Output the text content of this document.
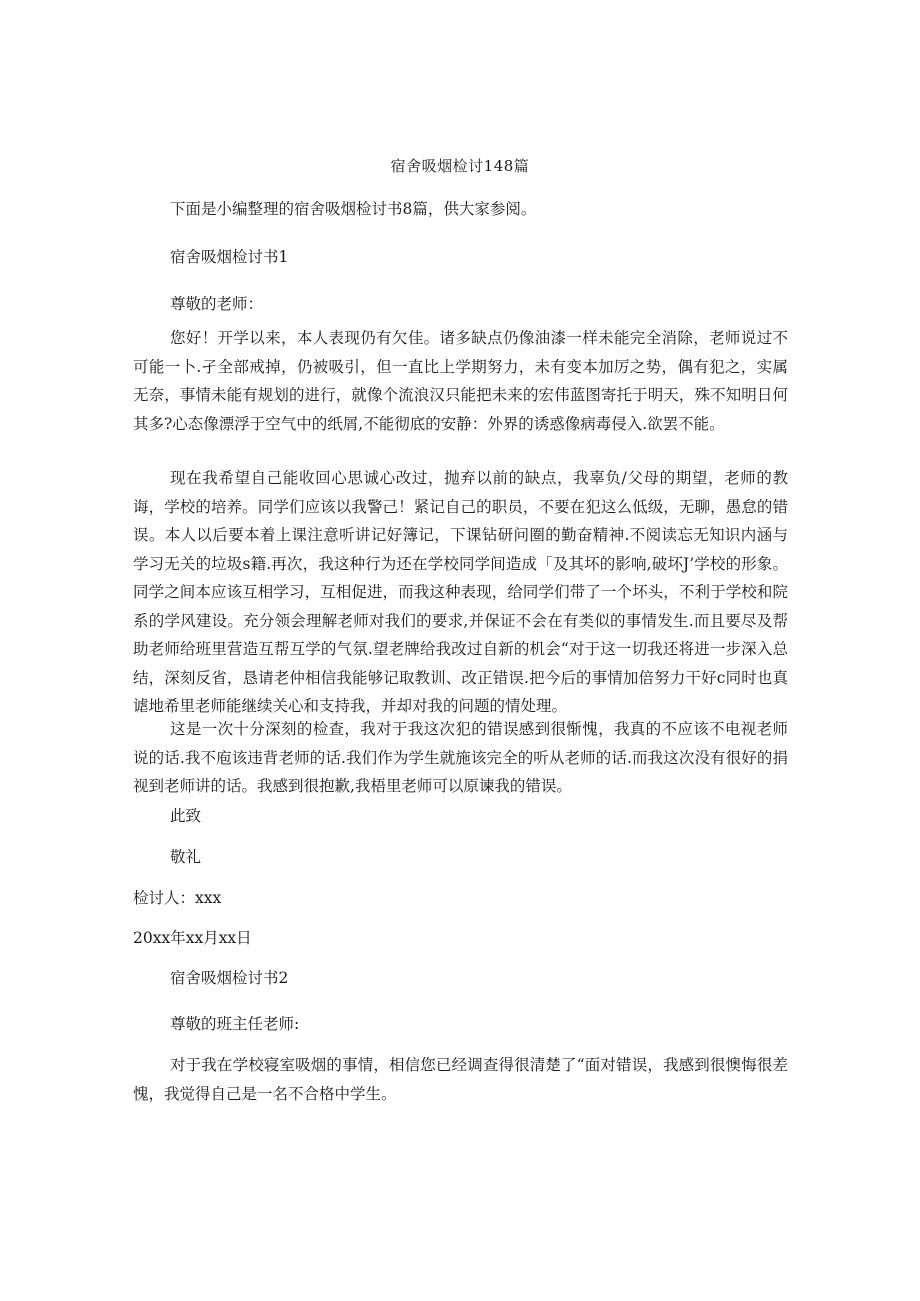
宿舍吸烟检讨148篇
下面是小编整理的宿舍吸烟检讨书8篇，供大家参阅。
宿舍吸烟检讨书1
尊敬的老师：
您好！开学以来，本人表现仍有欠佳。诸多缺点仍像油漆一样未能完全消除，老师说过不可能一卜.孑全部戒掉，仍被吸引，但一直比上学期努力，未有变本加厉之势，偶有犯之，实属无奈，事情未能有规划的进行，就像个流浪汉只能把未来的宏伟蓝图寄托于明天，殊不知明日何其多?心态像漂浮于空气中的纸屑,不能彻底的安静：外界的诱惑像病毒侵入.欲罢不能。
现在我希望自己能收回心思诚心改过，抛弃以前的缺点，我辜负/父母的期望，老师的教诲，学校的培养。同学们应该以我警己！紧记自己的职员，不要在犯这么低级，无聊，愚怠的错误。本人以后要本着上课注意听讲记好簿记，下课钻研问圈的勤奋精神.不阅读忘无知识内涵与学习无关的垃圾s籍.再次，我这种行为还在学校同学间造成「及其坏的影响,破坏J’学校的形象。同学之间本应该互相学习，互相促进，而我这种表现，给同学们带了一个坏头，不利于学校和院系的学风建设。充分领会理解老师对我们的要求,并保证不会在有类似的事情发生.而且要尽及帮助老师给班里营造互帮互学的气氛.望老牌给我改过自新的机会“对于这一切我还将进一步深入总结，深刻反省，恳请老仲相信我能够记取教训、改正错误.把今后的事情加倍努力干好c同时也真谑地希里老师能继续关心和支持我，并却对我的问题的情处理。
这是一次十分深刻的检查，我对于我这次犯的错误感到很惭愧，我真的不应该不电视老师说的话.我不庖该违背老师的话.我们作为学生就施该完全的听从老师的话.而我这次没有很好的捐视到老师讲的话。我感到很抱歉,我梧里老师可以原谏我的错误。
此致
敬礼
检讨人：xxx
20xx年xx月xx日
宿舍吸烟检讨书2
尊敬的班主任老师:
对于我在学校寝室吸烟的事情，相信您已经调查得很清楚了“面对错误，我感到很懊悔很差愧，我觉得自己是一名不合格中学生。
